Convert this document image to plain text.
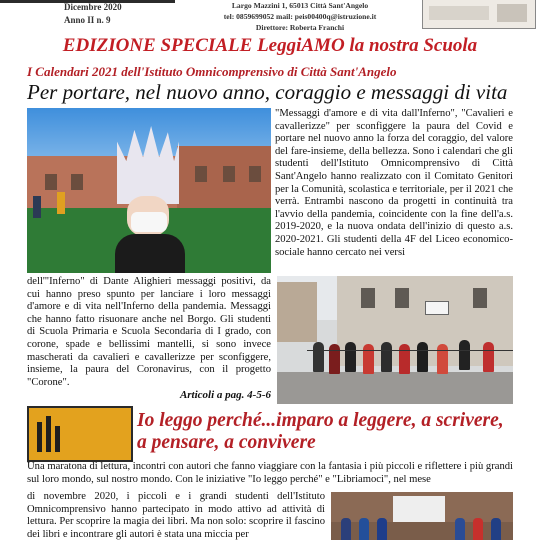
Dicembre 2020
Anno II n. 9
Largo Mazzini 1, 65013 Città Sant'Angelo
tel: 0859699052 mail: peis00400q@istruzione.it
Direttore: Roberta Franchi
EDIZIONE SPECIALE LeggiAMO la nostra Scuola
I Calendari 2021 dell'Istituto Omnicomprensivo di Città Sant'Angelo
Per portare, nel nuovo anno, coraggio e messaggi di vita
"Messaggi d'amore e di vita dall'Inferno", "Cavalieri e cavallerizze" per sconfiggere la paura del Covid e portare nel nuovo anno la forza del coraggio, del valore del fare-insieme, della bellezza. Sono i calendari che gli studenti dell'Istituto Omnicomprensivo di Città Sant'Angelo hanno realizzato con il Comitato Genitori per la Comunità, scolastica e territoriale, per il 2021 che verrà. Entrambi nascono da progetti in continuità tra l'avvio della pandemia, coincidente con la fine dell'a.s. 2019-2020, e la nuova ondata dell'inizio di questo a.s. 2020-2021. Gli studenti della 4F del Liceo economico-sociale hanno cercato nei versi
dell'"Inferno" di Dante Alighieri messaggi positivi, da cui hanno preso spunto per lanciare i loro messaggi d'amore e di vita nell'Inferno della pandemia. Messaggi che hanno fatto risuonare anche nel Borgo. Gli studenti di Scuola Primaria e Scuola Secondaria di I grado, con corone, spade e bellissimi mantelli, si sono invece mascherati da cavalieri e cavallerizze per sconfiggere, insieme, la paura del Coronavirus, con il progetto "Corone".
Articoli a pag. 4-5-6
Io leggo perché...imparo a leggere, a scrivere, a pensare, a convivere
Una maratona di lettura, incontri con autori che fanno viaggiare con la fantasia i più piccoli e riflettere i più grandi sul loro mondo, sul nostro mondo. Con le iniziative "Io leggo perché" e "Libriamoci", nel mese
di novembre 2020, i piccoli e i grandi studenti dell'Istituto Omnicomprensivo hanno partecipato in modo attivo ad attività di lettura. Per scoprire la magia dei libri. Ma non solo: scoprire il fascino dei libri e incontrare gli autori è stata una miccia per
